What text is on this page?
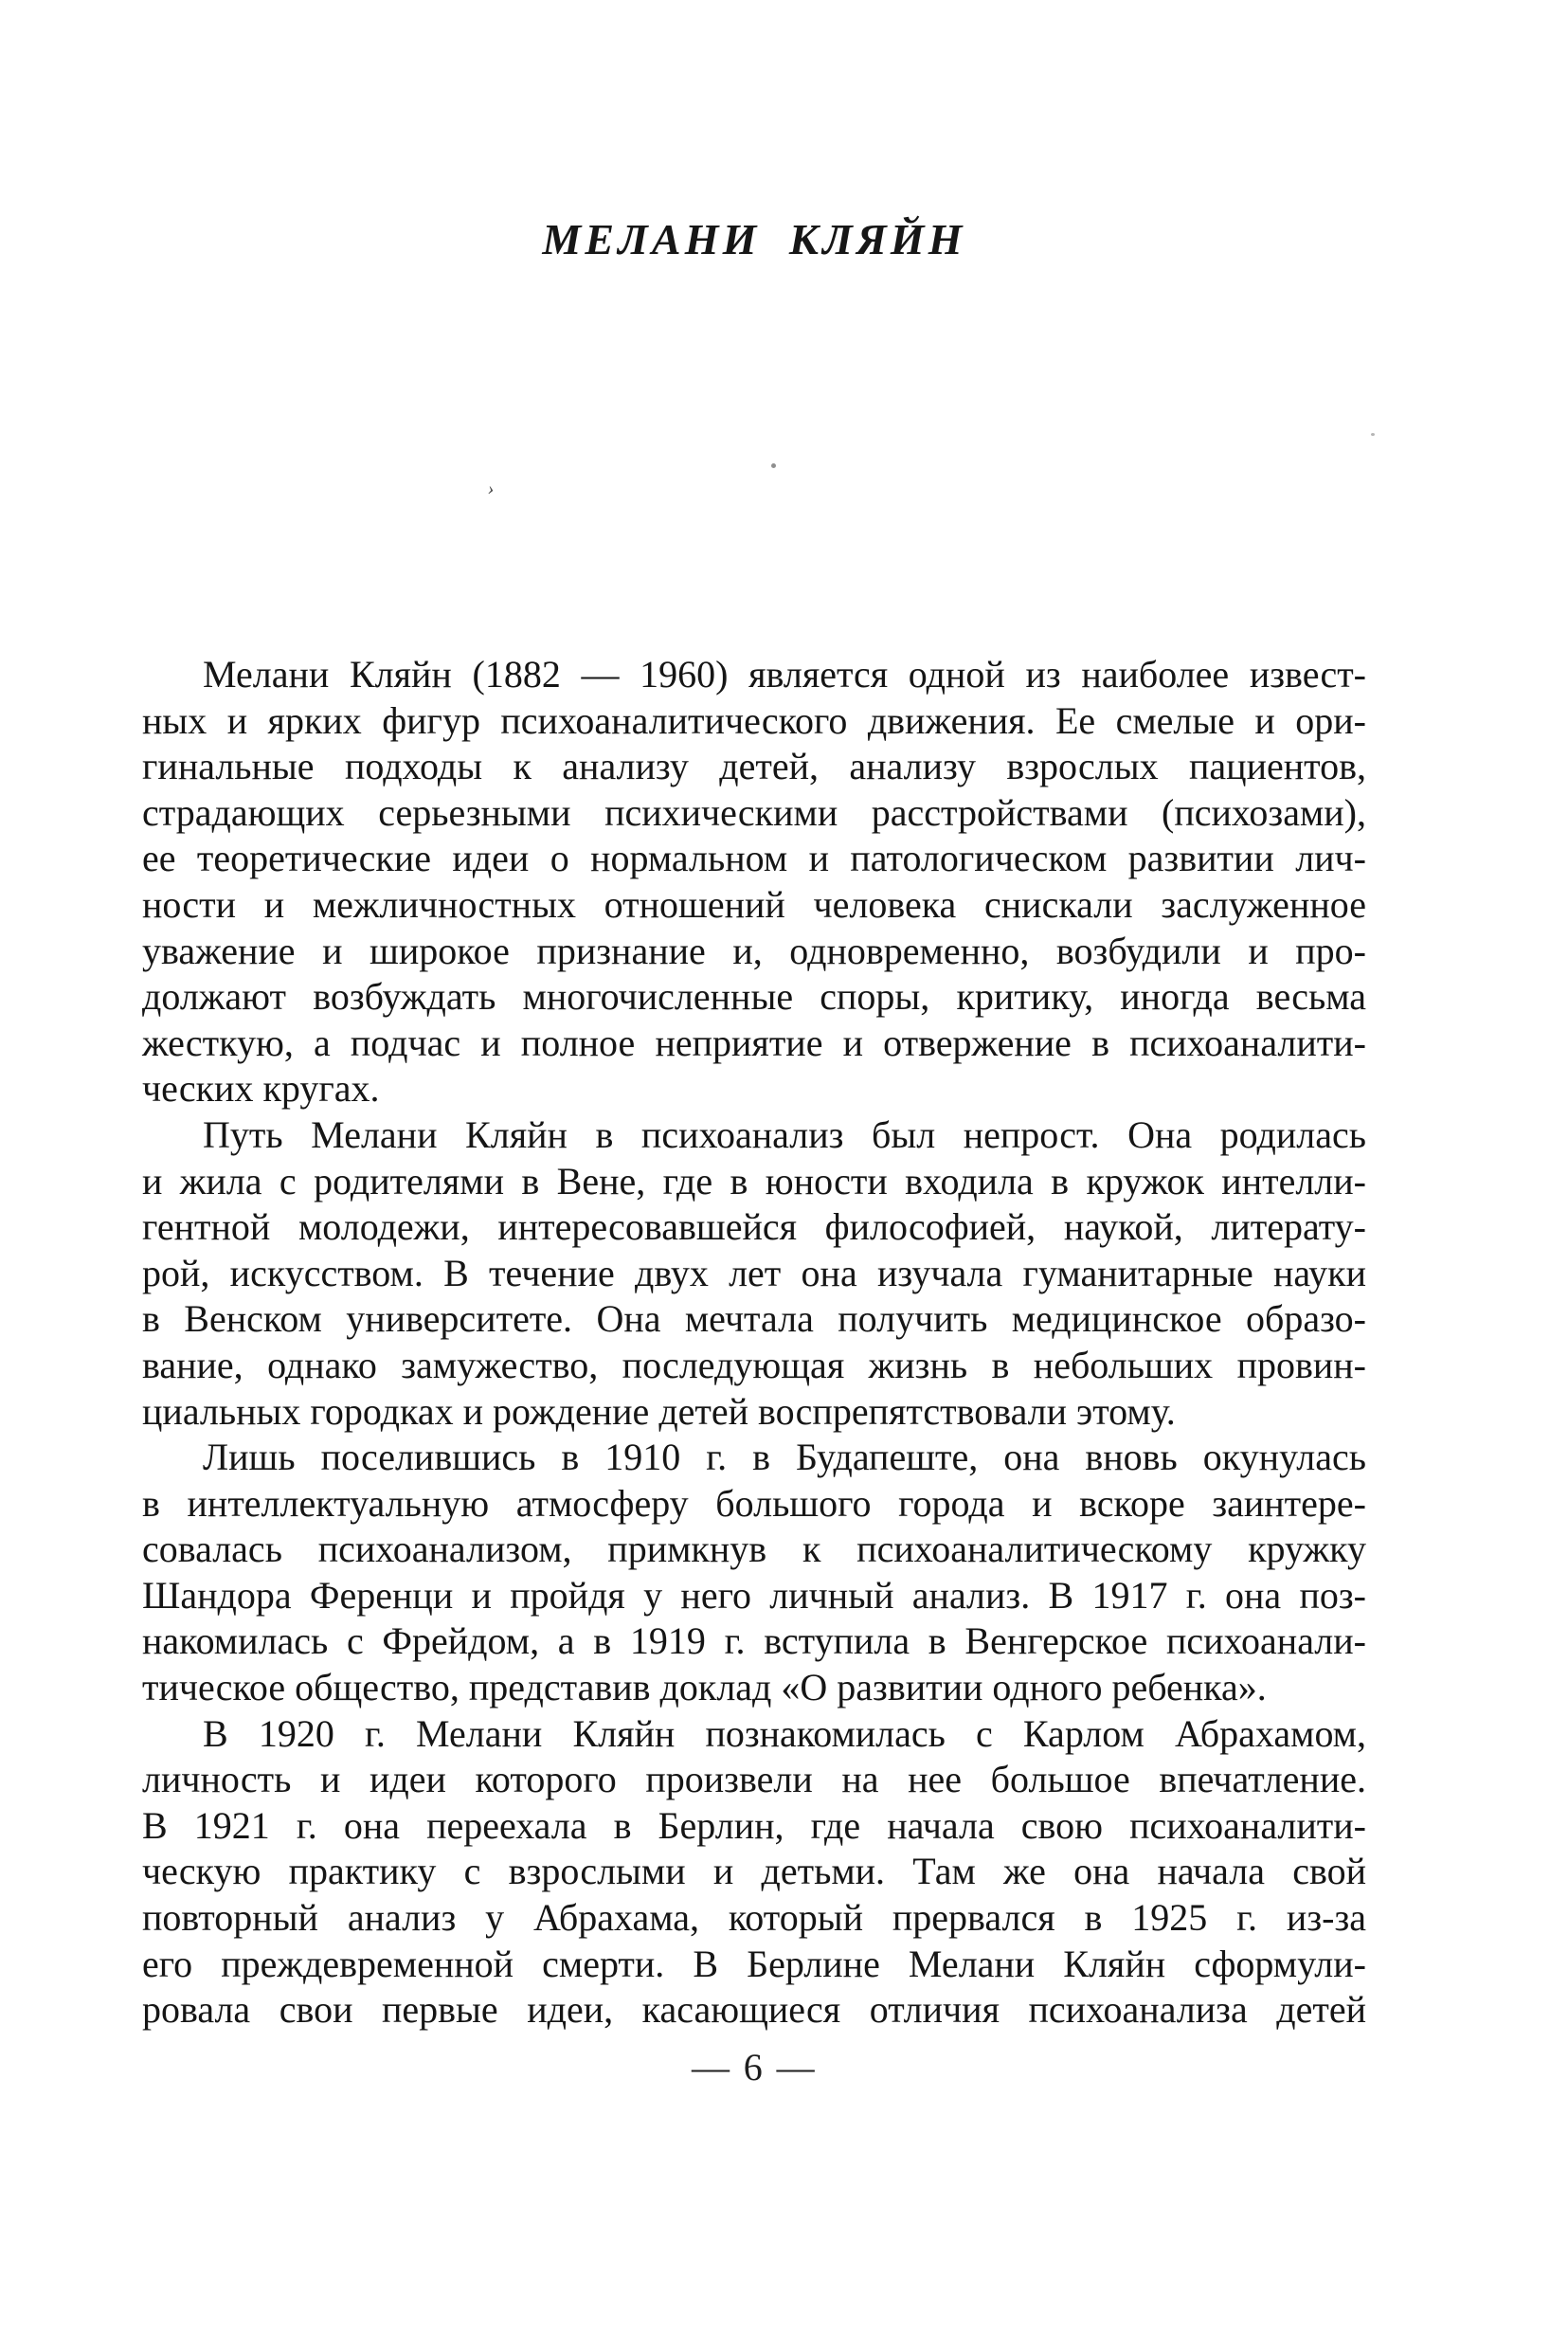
МЕЛАНИ КЛЯЙН
›
Мелани Кляйн (1882 — 1960) является одной из наиболее извест-
ных и ярких фигур психоаналитического движения. Ее смелые и ори-
гинальные подходы к анализу детей, анализу взрослых пациентов,
страдающих серьезными психическими расстройствами (психозами),
ее теоретические идеи о нормальном и патологическом развитии лич-
ности и межличностных отношений человека снискали заслуженное
уважение и широкое признание и, одновременно, возбудили и про-
должают возбуждать многочисленные споры, критику, иногда весьма
жесткую, а подчас и полное неприятие и отвержение в психоаналити-
ческих кругах.
Путь Мелани Кляйн в психоанализ был непрост. Она родилась
и жила с родителями в Вене, где в юности входила в кружок интелли-
гентной молодежи, интересовавшейся философией, наукой, литерату-
рой, искусством. В течение двух лет она изучала гуманитарные науки
в Венском университете. Она мечтала получить медицинское образо-
вание, однако замужество, последующая жизнь в небольших провин-
циальных городках и рождение детей воспрепятствовали этому.
Лишь поселившись в 1910 г. в Будапеште, она вновь окунулась
в интеллектуальную атмосферу большого города и вскоре заинтере-
совалась психоанализом, примкнув к психоаналитическому кружку
Шандора Ференци и пройдя у него личный анализ. В 1917 г. она поз-
накомилась с Фрейдом, а в 1919 г. вступила в Венгерское психоанали-
тическое общество, представив доклад «О развитии одного ребенка».
В 1920 г. Мелани Кляйн познакомилась с Карлом Абрахамом,
личность и идеи которого произвели на нее большое впечатление.
В 1921 г. она переехала в Берлин, где начала свою психоаналити-
ческую практику с взрослыми и детьми. Там же она начала свой
повторный анализ у Абрахама, который прервался в 1925 г. из-за
его преждевременной смерти. В Берлине Мелани Кляйн сформули-
ровала свои первые идеи, касающиеся отличия психоанализа детей
— 6 —
